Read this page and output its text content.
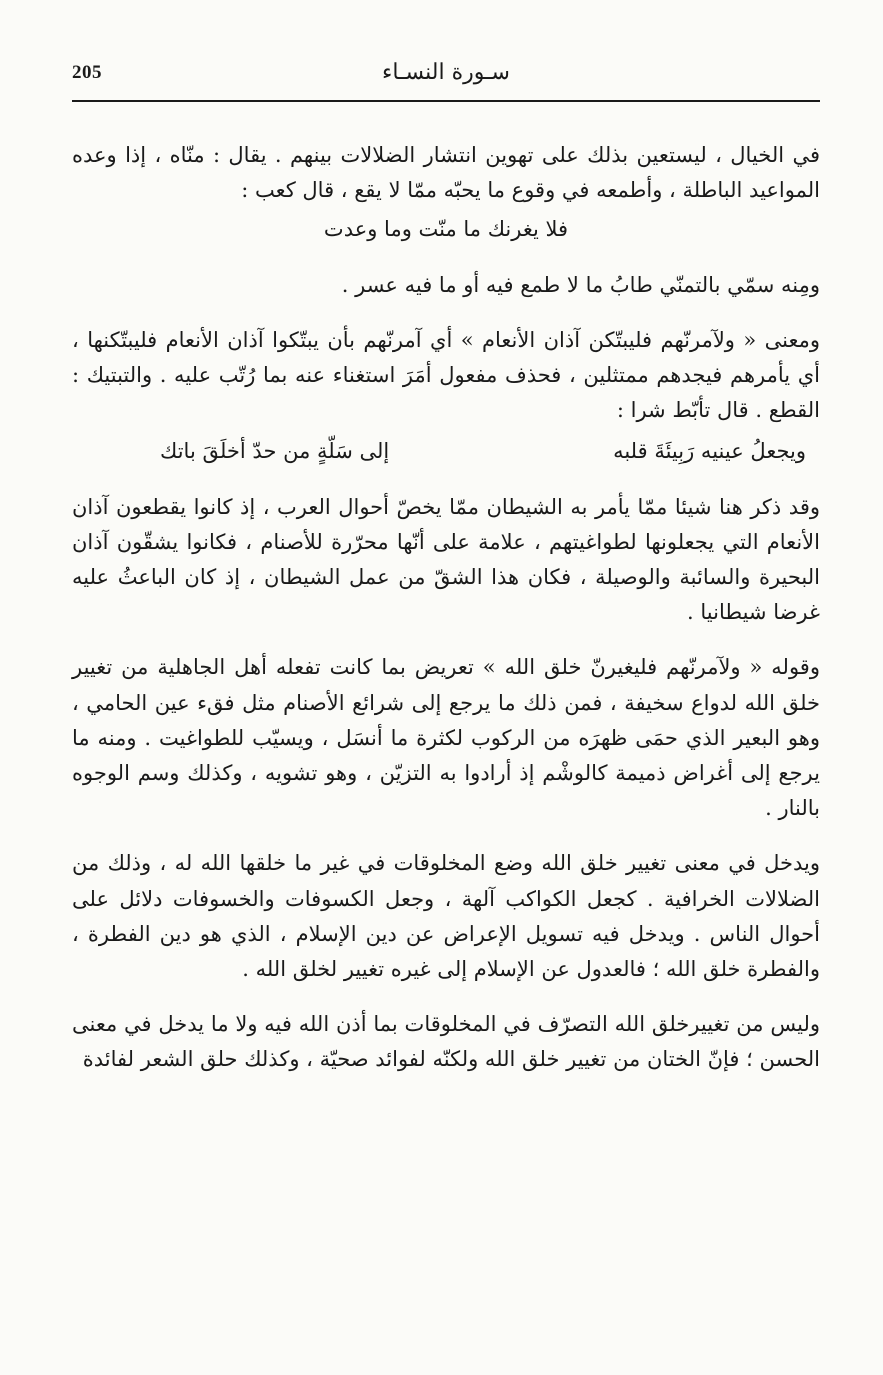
205	سـورة النسـاء

في الخيال ، ليستعين بذلك على تهوين انتشار الضلالات بينهم . يقال : منّاه ، إذا وعده المواعيد الباطلة ، وأطمعه في وقوع ما يحبّه ممّا لا يقع ، قال كعب :

فلا يغرنك ما منّت وما وعدت

ومِنه سمّي بالتمنّي طابُ ما لا طمع فيه أو ما فيه عسر .

ومعنى « ولآمرنّهم فليبتّكن آذان الأنعام » أي آمرنّهم بأن يبتّكوا آذان الأنعام فليبتّكنها ، أي يأمرهم فيجدهم ممتثلين ، فحذف مفعول أمَرَ استغناء عنه بما رُتّب عليه . والتبتيك : القطع . قال تأبّط شرا :

ويجعلُ عينيه رَبِيئَةَ قلبه
إلى سَلّةٍ من حدّ أخلَقَ باتك

وقد ذكر هنا شيئا ممّا يأمر به الشيطان ممّا يخصّ أحوال العرب ، إذ كانوا يقطعون آذان الأنعام التي يجعلونها لطواغيتهم ، علامة على أنّها محرّرة للأصنام ، فكانوا يشقّون آذان البحيرة والسائبة والوصيلة ، فكان هذا الشقّ من عمل الشيطان ، إذ كان الباعثُ عليه غرضا شيطانيا .

وقوله « ولآمرنّهم فليغيرنّ خلق الله » تعريض بما كانت تفعله أهل الجاهلية من تغيير خلق الله لدواع سخيفة ، فمن ذلك ما يرجع إلى شرائع الأصنام مثل فقء عين الحامي ، وهو البعير الذي حمَى ظهرَه من الركوب لكثرة ما أنسَل ، ويسيّب للطواغيت . ومنه ما يرجع إلى أغراض ذميمة كالوشْم إذ أرادوا به التزيّن ، وهو تشويه ، وكذلك وسم الوجوه بالنار .

ويدخل في معنى تغيير خلق الله وضع المخلوقات في غير ما خلقها الله له ، وذلك من الضلالات الخرافية . كجعل الكواكب آلهة ، وجعل الكسوفات والخسوفات دلائل على أحوال الناس . ويدخل فيه تسويل الإعراض عن دين الإسلام ، الذي هو دين الفطرة ، والفطرة خلق الله ؛ فالعدول عن الإسلام إلى غيره تغيير لخلق الله .

وليس من تغييرخلق الله التصرّف في المخلوقات بما أذن الله فيه ولا ما يدخل في معنى الحسن ؛ فإنّ الختان من تغيير خلق الله ولكنّه لفوائد صحيّة ، وكذلك حلق الشعر لفائدة
